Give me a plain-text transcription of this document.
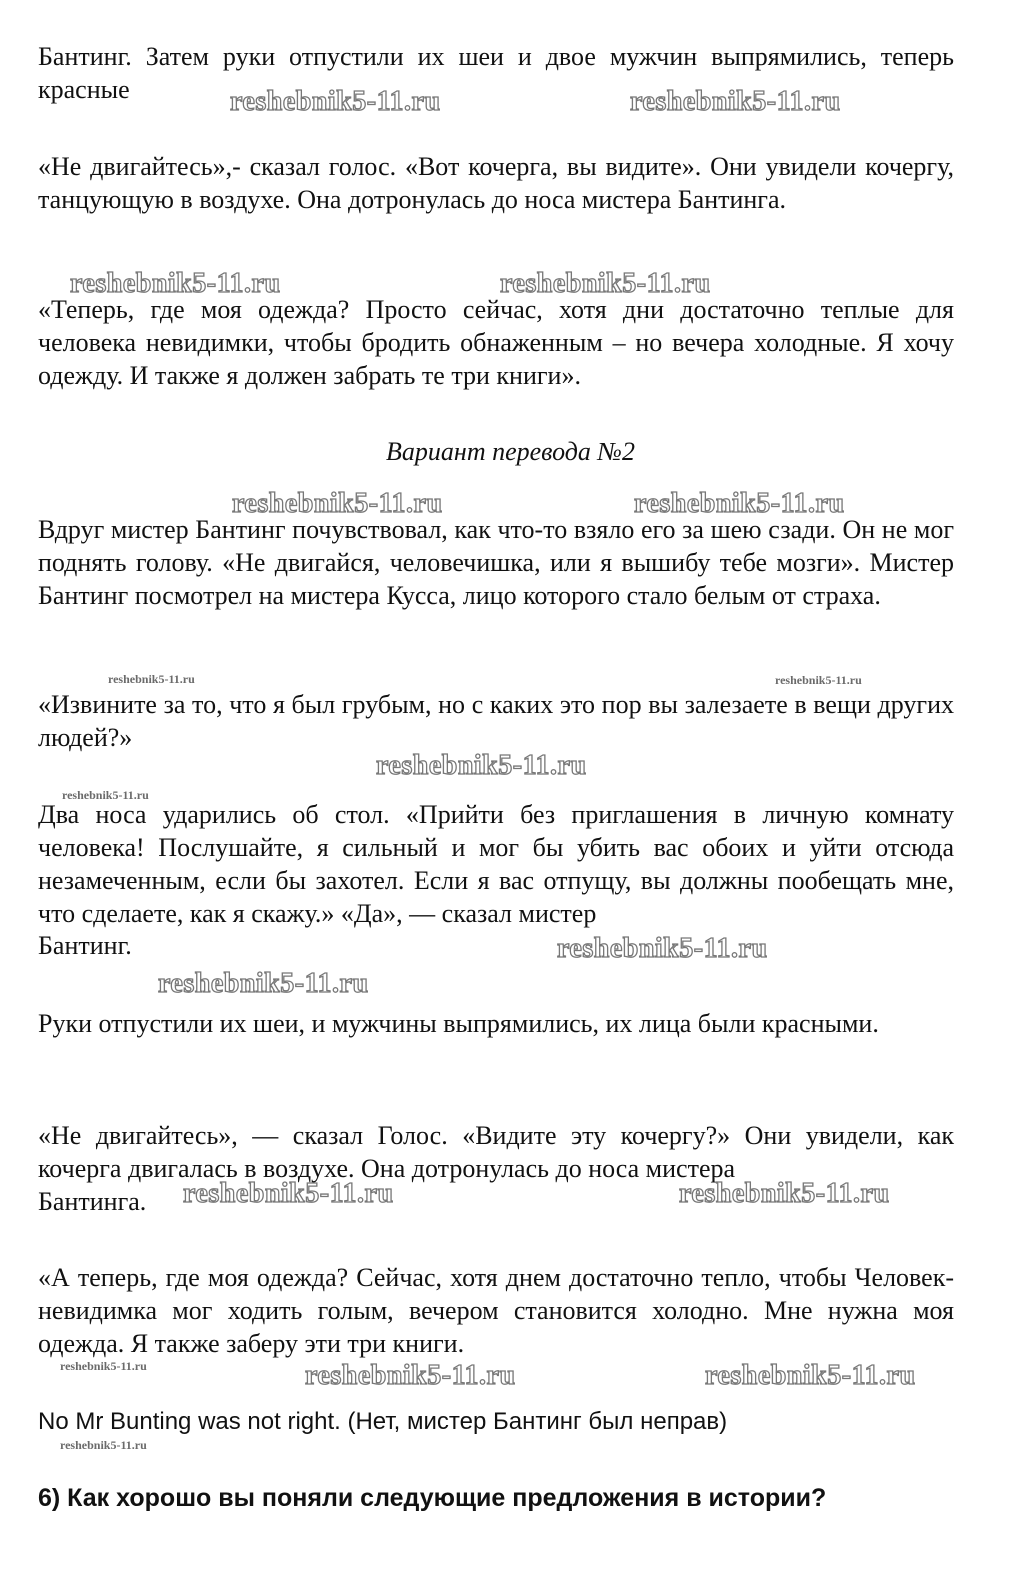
Бантинг. Затем руки отпустили их шеи и двое мужчин выпрямились, теперь красные

«Не двигайтесь»,- сказал голос. «Вот кочерга, вы видите». Они увидели кочергу, танцующую в воздухе. Она дотронулась до носа мистера Бантинга.

«Теперь, где моя одежда? Просто сейчас, хотя дни достаточно теплые для человека невидимки, чтобы бродить обнаженным – но вечера холодные. Я хочу одежду. И также я должен забрать те три книги».

Вариант перевода №2

Вдруг мистер Бантинг почувствовал, как что-то взяло его за шею сзади. Он не мог поднять голову. «Не двигайся, человечишка, или я вышибу тебе мозги». Мистер Бантинг посмотрел на мистера Кусса, лицо которого стало белым от страха.

«Извините за то, что я был грубым, но с каких это пор вы залезаете в вещи других людей?»

Два носа ударились об стол. «Прийти без приглашения в личную комнату человека! Послушайте, я сильный и мог бы убить вас обоих и уйти отсюда незамеченным, если бы захотел. Если я вас отпущу, вы должны пообещать мне, что сделаете, как я скажу.» «Да», — сказал мистер

Бантинг.

Руки отпустили их шеи, и мужчины выпрямились, их лица были красными.

«Не двигайтесь», — сказал Голос. «Видите эту кочергу?» Они увидели, как кочерга двигалась в воздухе. Она дотронулась до носа мистера

Бантинга.

«А теперь, где моя одежда? Сейчас, хотя днем достаточно тепло, чтобы Человек-невидимка мог ходить голым, вечером становится холодно. Мне нужна моя одежда. Я также заберу эти три книги.

No Mr Bunting was not right. (Нет, мистер Бантинг был неправ)
6) Как хорошо вы поняли следующие предложения в истории?
reshebnik5-11.ru	reshebnik5-11.ru
reshebnik5-11.ru	reshebnik5-11.ru
reshebnik5-11.ru	reshebnik5-11.ru
reshebnik5-11.ru	reshebnik5-11.ru
reshebnik5-11.ru
reshebnik5-11.ru
reshebnik5-11.ru
reshebnik5-11.ru
reshebnik5-11.ru	reshebnik5-11.ru
reshebnik5-11.ru	reshebnik5-11.ru	reshebnik5-11.ru
reshebnik5-11.ru
